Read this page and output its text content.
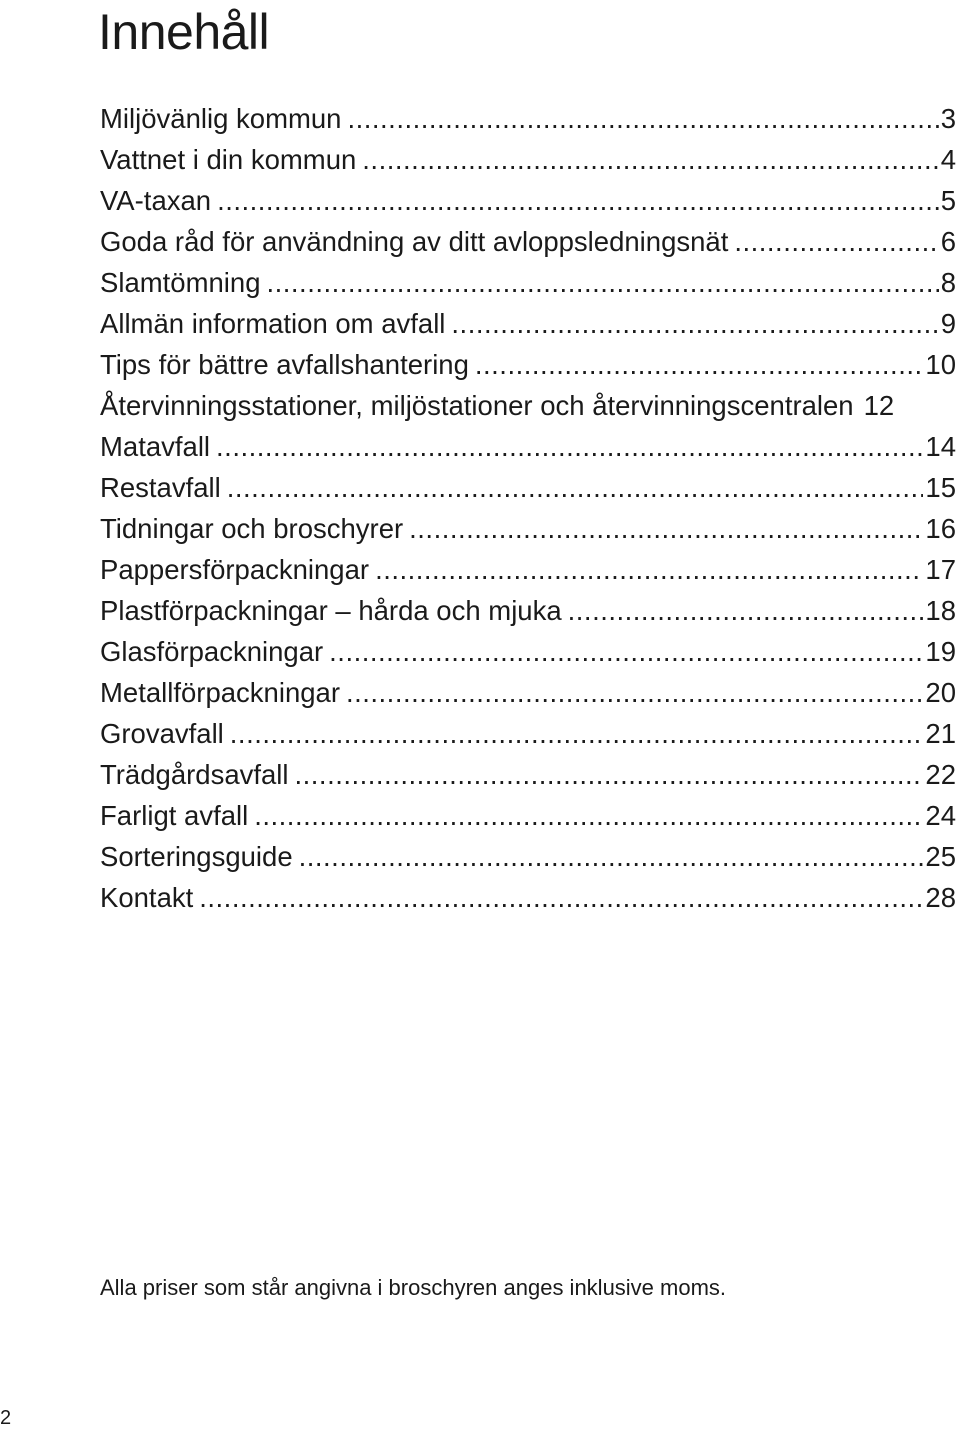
Innehåll
Miljövänlig kommun .....	3
Vattnet i din kommun .....	4
VA-taxan .....	5
Goda råd för användning av ditt avloppsledningsnät .....	6
Slamtömning .....	8
Allmän information om avfall .....	9
Tips för bättre avfallshantering .....	10
Återvinningsstationer, miljöstationer och återvinningscentralen 12
Matavfall .....	14
Restavfall .....	15
Tidningar och broschyrer .....	16
Pappersförpackningar .....	17
Plastförpackningar – hårda och mjuka .....	18
Glasförpackningar .....	19
Metallförpackningar .....	20
Grovavfall .....	21
Trädgårdsavfall .....	22
Farligt avfall .....	24
Sorteringsguide .....	25
Kontakt .....	28

Alla priser som står angivna i broschyren anges inklusive moms.

2
